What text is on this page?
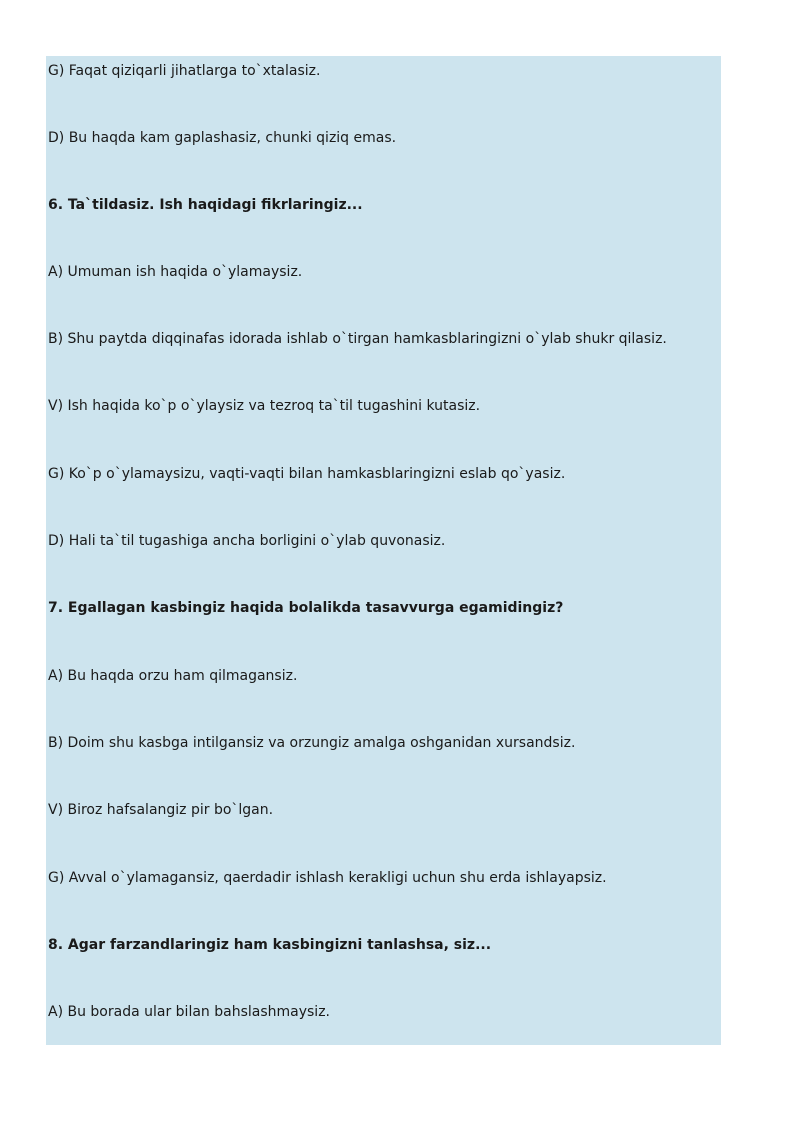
G) Faqat qiziqarli jihatlarga to`xtalasiz.
D) Bu haqda kam gaplashasiz, chunki qiziq emas.
6. Ta`tildasiz. Ish haqidagi fikrlaringiz...
A) Umuman ish haqida o`ylamaysiz.
B) Shu paytda diqqinafas idorada ishlab o`tirgan hamkasblaringizni o`ylab shukr qilasiz.
V) Ish haqida ko`p o`ylaysiz va tezroq ta`til tugashini kutasiz.
G) Ko`p o`ylamaysizu, vaqti-vaqti bilan hamkasblaringizni eslab qo`yasiz.
D) Hali ta`til tugashiga ancha borligini o`ylab quvonasiz.
7. Egallagan kasbingiz haqida bolalikda tasavvurga egamidingiz?
A) Bu haqda orzu ham qilmagansiz.
B) Doim shu kasbga intilgansiz va orzungiz amalga oshganidan xursandsiz.
V) Biroz hafsalangiz pir bo`lgan.
G) Avval o`ylamagansiz, qaerdadir ishlash kerakligi uchun shu erda ishlayapsiz.
8. Agar farzandlaringiz ham kasbingizni tanlashsa, siz...
A) Bu borada ular bilan bahslashmaysiz.
